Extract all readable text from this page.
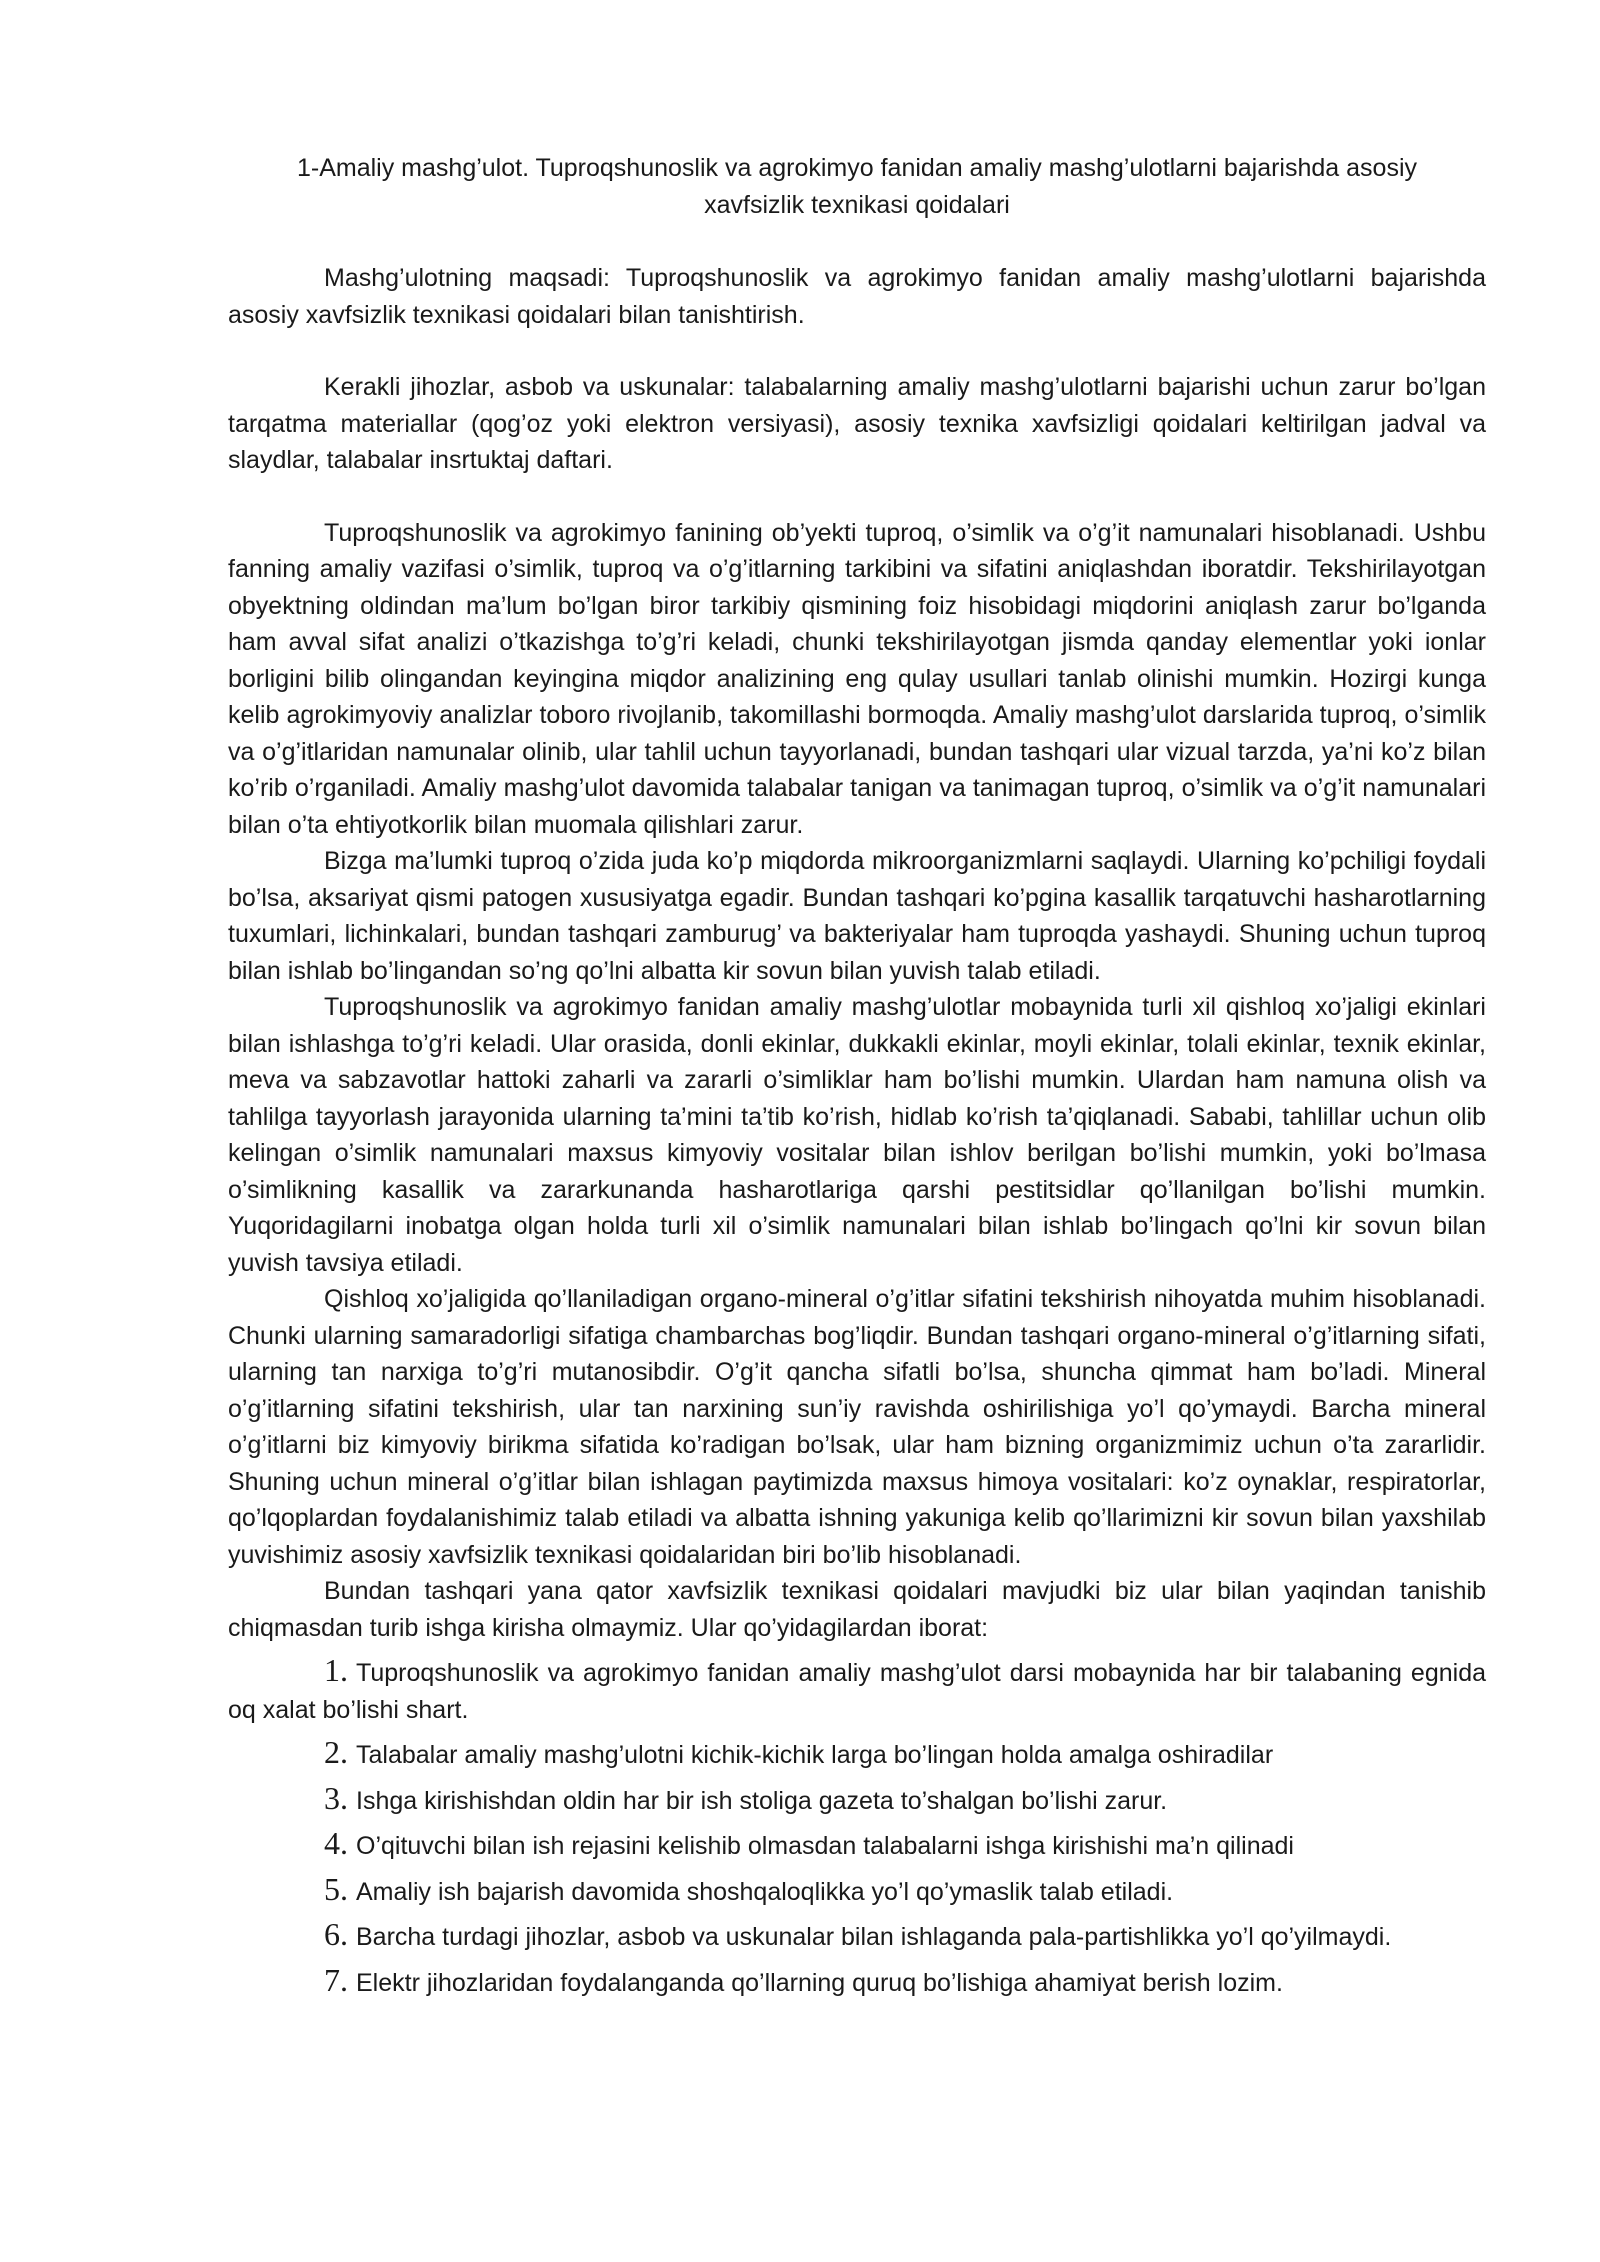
1-Amaliy mashg’ulot. Tuproqshunoslik va agrokimyo fanidan amaliy mashg’ulotlarni bajarishda asosiy
xavfsizlik texnikasi qoidalari

Mashg’ulotning maqsadi: Tuproqshunoslik va agrokimyo fanidan amaliy mashg’ulotlarni bajarishda asosiy xavfsizlik texnikasi qoidalari bilan tanishtirish.

Kerakli jihozlar, asbob va uskunalar: talabalarning amaliy mashg’ulotlarni bajarishi uchun zarur bo’lgan tarqatma materiallar (qog’oz yoki elektron versiyasi), asosiy texnika xavfsizligi qoidalari keltirilgan jadval va slaydlar, talabalar insrtuktaj daftari.

Tuproqshunoslik va agrokimyo fanining ob’yekti tuproq, o’simlik va o’g’it namunalari hisoblanadi. Ushbu fanning amaliy vazifasi o’simlik, tuproq va o’g’itlarning tarkibini va sifatini aniqlashdan iboratdir. Tekshirilayotgan obyektning oldindan ma’lum bo’lgan biror tarkibiy qismining foiz hisobidagi miqdorini aniqlash zarur bo’lganda ham avval sifat analizi o’tkazishga to’g’ri keladi, chunki tekshirilayotgan jismda qanday elementlar yoki ionlar borligini bilib olingandan keyingina miqdor analizining eng qulay usullari tanlab olinishi mumkin. Hozirgi kunga kelib agrokimyoviy analizlar toboro rivojlanib, takomillashi bormoqda. Amaliy mashg’ulot darslarida tuproq, o’simlik va o’g’itlaridan namunalar olinib, ular tahlil uchun tayyorlanadi, bundan tashqari ular vizual tarzda, ya’ni ko’z bilan ko’rib o’rganiladi. Amaliy mashg’ulot davomida talabalar tanigan va tanimagan tuproq, o’simlik va o’g’it namunalari bilan o’ta ehtiyotkorlik bilan muomala qilishlari zarur.

Bizga ma’lumki tuproq o’zida juda ko’p miqdorda mikroorganizmlarni saqlaydi. Ularning ko’pchiligi foydali bo’lsa, aksariyat qismi patogen xususiyatga egadir. Bundan tashqari ko’pgina kasallik tarqatuvchi hasharotlarning tuxumlari, lichinkalari, bundan tashqari zamburug’ va bakteriyalar ham tuproqda yashaydi. Shuning uchun tuproq bilan ishlab bo’lingandan so’ng qo’lni albatta kir sovun bilan yuvish talab etiladi.

Tuproqshunoslik va agrokimyo fanidan amaliy mashg’ulotlar mobaynida turli xil qishloq xo’jaligi ekinlari bilan ishlashga to’g’ri keladi. Ular orasida, donli ekinlar, dukkakli ekinlar, moyli ekinlar, tolali ekinlar, texnik ekinlar, meva va sabzavotlar hattoki zaharli va zararli o’simliklar ham bo’lishi mumkin. Ulardan ham namuna olish va tahlilga tayyorlash jarayonida ularning ta’mini ta’tib ko’rish, hidlab ko’rish ta’qiqlanadi. Sababi, tahlillar uchun olib kelingan o’simlik namunalari maxsus kimyoviy vositalar bilan ishlov berilgan bo’lishi mumkin, yoki bo’lmasa o’simlikning kasallik va zararkunanda hasharotlariga qarshi pestitsidlar qo’llanilgan bo’lishi mumkin. Yuqoridagilarni inobatga olgan holda turli xil o’simlik namunalari bilan ishlab bo’lingach qo’lni kir sovun bilan yuvish tavsiya etiladi.

Qishloq xo’jaligida qo’llaniladigan organo-mineral o’g’itlar sifatini tekshirish nihoyatda muhim hisoblanadi. Chunki ularning samaradorligi sifatiga chambarchas bog’liqdir. Bundan tashqari organo-mineral o’g’itlarning sifati, ularning tan narxiga to’g’ri mutanosibdir. O’g’it qancha sifatli bo’lsa, shuncha qimmat ham bo’ladi. Mineral o’g’itlarning sifatini tekshirish, ular tan narxining sun’iy ravishda oshirilishiga yo’l qo’ymaydi. Barcha mineral o’g’itlarni biz kimyoviy birikma sifatida ko’radigan bo’lsak, ular ham bizning organizmimiz uchun o’ta zararlidir. Shuning uchun mineral o’g’itlar bilan ishlagan paytimizda maxsus himoya vositalari: ko’z oynaklar, respiratorlar, qo’lqoplardan foydalanishimiz talab etiladi va albatta ishning yakuniga kelib qo’llarimizni kir sovun bilan yaxshilab yuvishimiz asosiy xavfsizlik texnikasi qoidalaridan biri bo’lib hisoblanadi.

Bundan tashqari yana qator xavfsizlik texnikasi qoidalari mavjudki biz ular bilan yaqindan tanishib chiqmasdan turib ishga kirisha olmaymiz. Ular qo’yidagilardan iborat:

1. Tuproqshunoslik va agrokimyo fanidan amaliy mashg’ulot darsi mobaynida har bir talabaning egnida oq xalat bo’lishi shart.
2. Talabalar amaliy mashg’ulotni kichik-kichik larga bo’lingan holda amalga oshiradilar
3. Ishga kirishishdan oldin har bir ish stoliga gazeta to’shalgan bo’lishi zarur.
4. O’qituvchi bilan ish rejasini kelishib olmasdan talabalarni ishga kirishishi ma’n qilinadi
5. Amaliy ish bajarish davomida shoshqaloqlikka yo’l qo’ymaslik talab etiladi.
6. Barcha turdagi jihozlar, asbob va uskunalar bilan ishlaganda pala-partishlikka yo’l qo’yilmaydi.
7. Elektr jihozlaridan foydalanganda qo’llarning quruq bo’lishiga ahamiyat berish lozim.
